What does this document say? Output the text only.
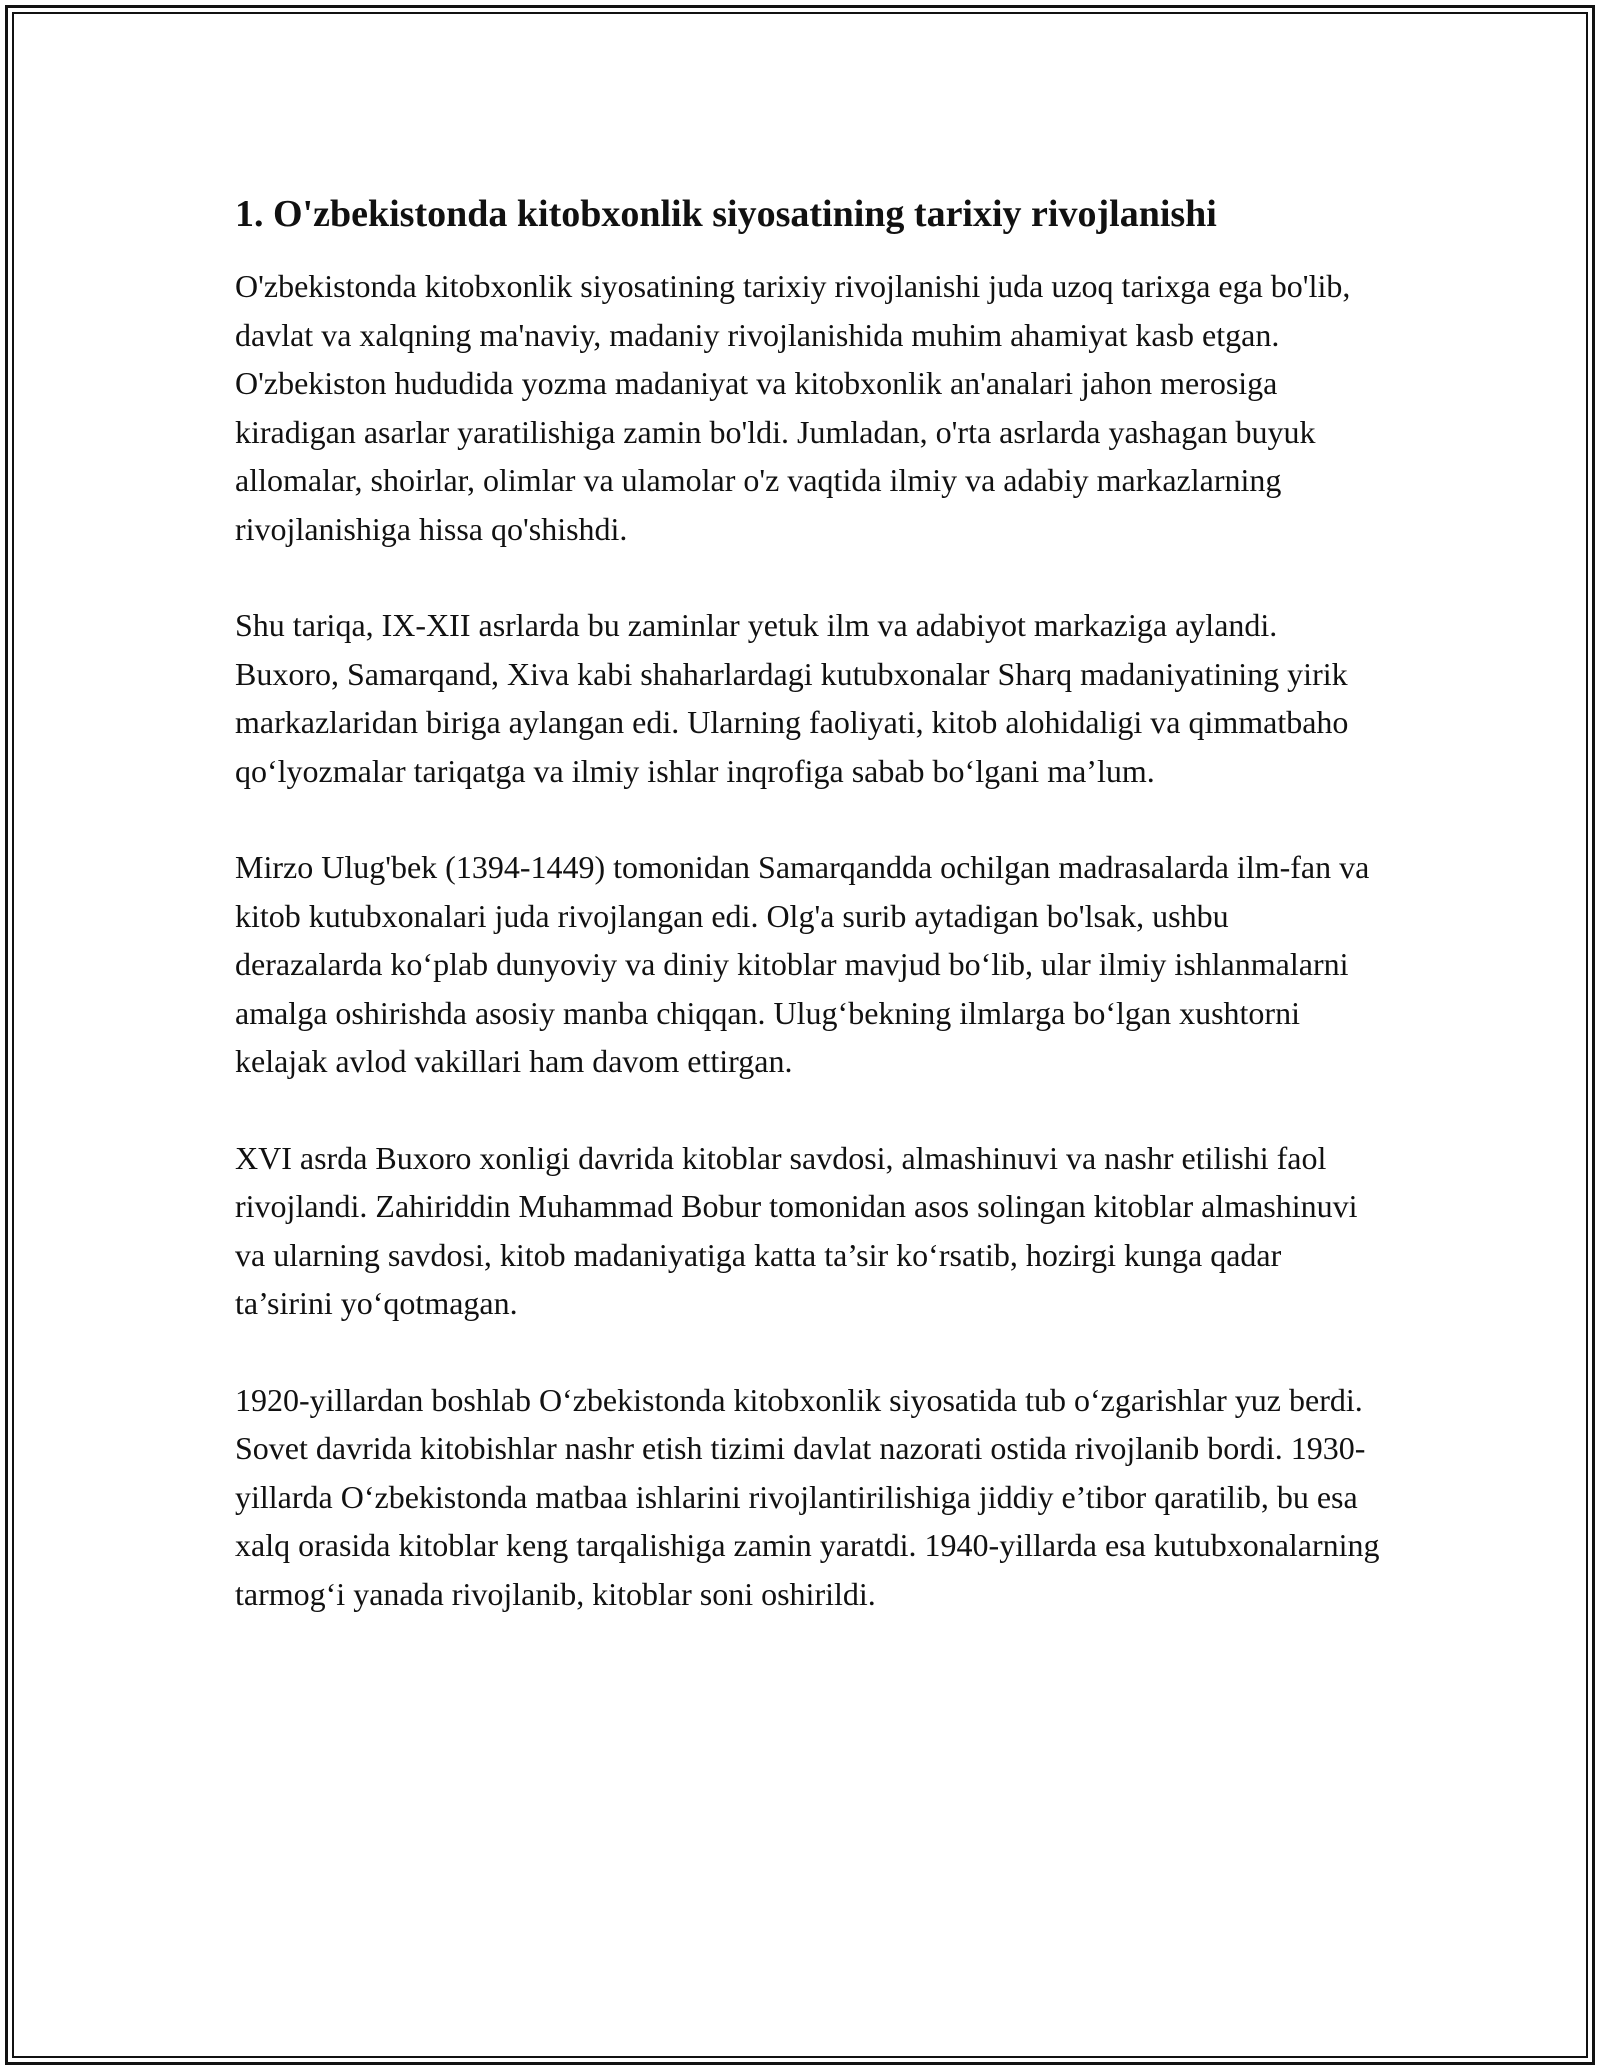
1. O'zbekistonda kitobxonlik siyosatining tarixiy rivojlanishi

O'zbekistonda kitobxonlik siyosatining tarixiy rivojlanishi juda uzoq tarixga ega bo'lib, davlat va xalqning ma'naviy, madaniy rivojlanishida muhim ahamiyat kasb etgan. O'zbekiston hududida yozma madaniyat va kitobxonlik an'analari jahon merosiga kiradigan asarlar yaratilishiga zamin bo'ldi. Jumladan, o'rta asrlarda yashagan buyuk allomalar, shoirlar, olimlar va ulamolar o'z vaqtida ilmiy va adabiy markazlarning rivojlanishiga hissa qo'shishdi.

Shu tariqa, IX-XII asrlarda bu zaminlar yetuk ilm va adabiyot markaziga aylandi. Buxoro, Samarqand, Xiva kabi shaharlardagi kutubxonalar Sharq madaniyatining yirik markazlaridan biriga aylangan edi. Ularning faoliyati, kitob alohidaligi va qimmatbaho qo‘lyozmalar tariqatga va ilmiy ishlar inqrofiga sabab bo‘lgani ma’lum.

Mirzo Ulug'bek (1394-1449) tomonidan Samarqandda ochilgan madrasalarda ilm-fan va kitob kutubxonalari juda rivojlangan edi. Olg'a surib aytadigan bo'lsak, ushbu derazalarda ko‘plab dunyoviy va diniy kitoblar mavjud bo‘lib, ular ilmiy ishlanmalarni amalga oshirishda asosiy manba chiqqan. Ulug‘bekning ilmlarga bo‘lgan xushtorni kelajak avlod vakillari ham davom ettirgan.

XVI asrda Buxoro xonligi davrida kitoblar savdosi, almashinuvi va nashr etilishi faol rivojlandi. Zahiriddin Muhammad Bobur tomonidan asos solingan kitoblar almashinuvi va ularning savdosi, kitob madaniyatiga katta ta’sir ko‘rsatib, hozirgi kunga qadar ta’sirini yo‘qotmagan.

1920-yillardan boshlab O‘zbekistonda kitobxonlik siyosatida tub o‘zgarishlar yuz berdi. Sovet davrida kitobishlar nashr etish tizimi davlat nazorati ostida rivojlanib bordi. 1930-yillarda O‘zbekistonda matbaa ishlarini rivojlantirilishiga jiddiy e’tibor qaratilib, bu esa xalq orasida kitoblar keng tarqalishiga zamin yaratdi. 1940-yillarda esa kutubxonalarning tarmog‘i yanada rivojlanib, kitoblar soni oshirildi.
